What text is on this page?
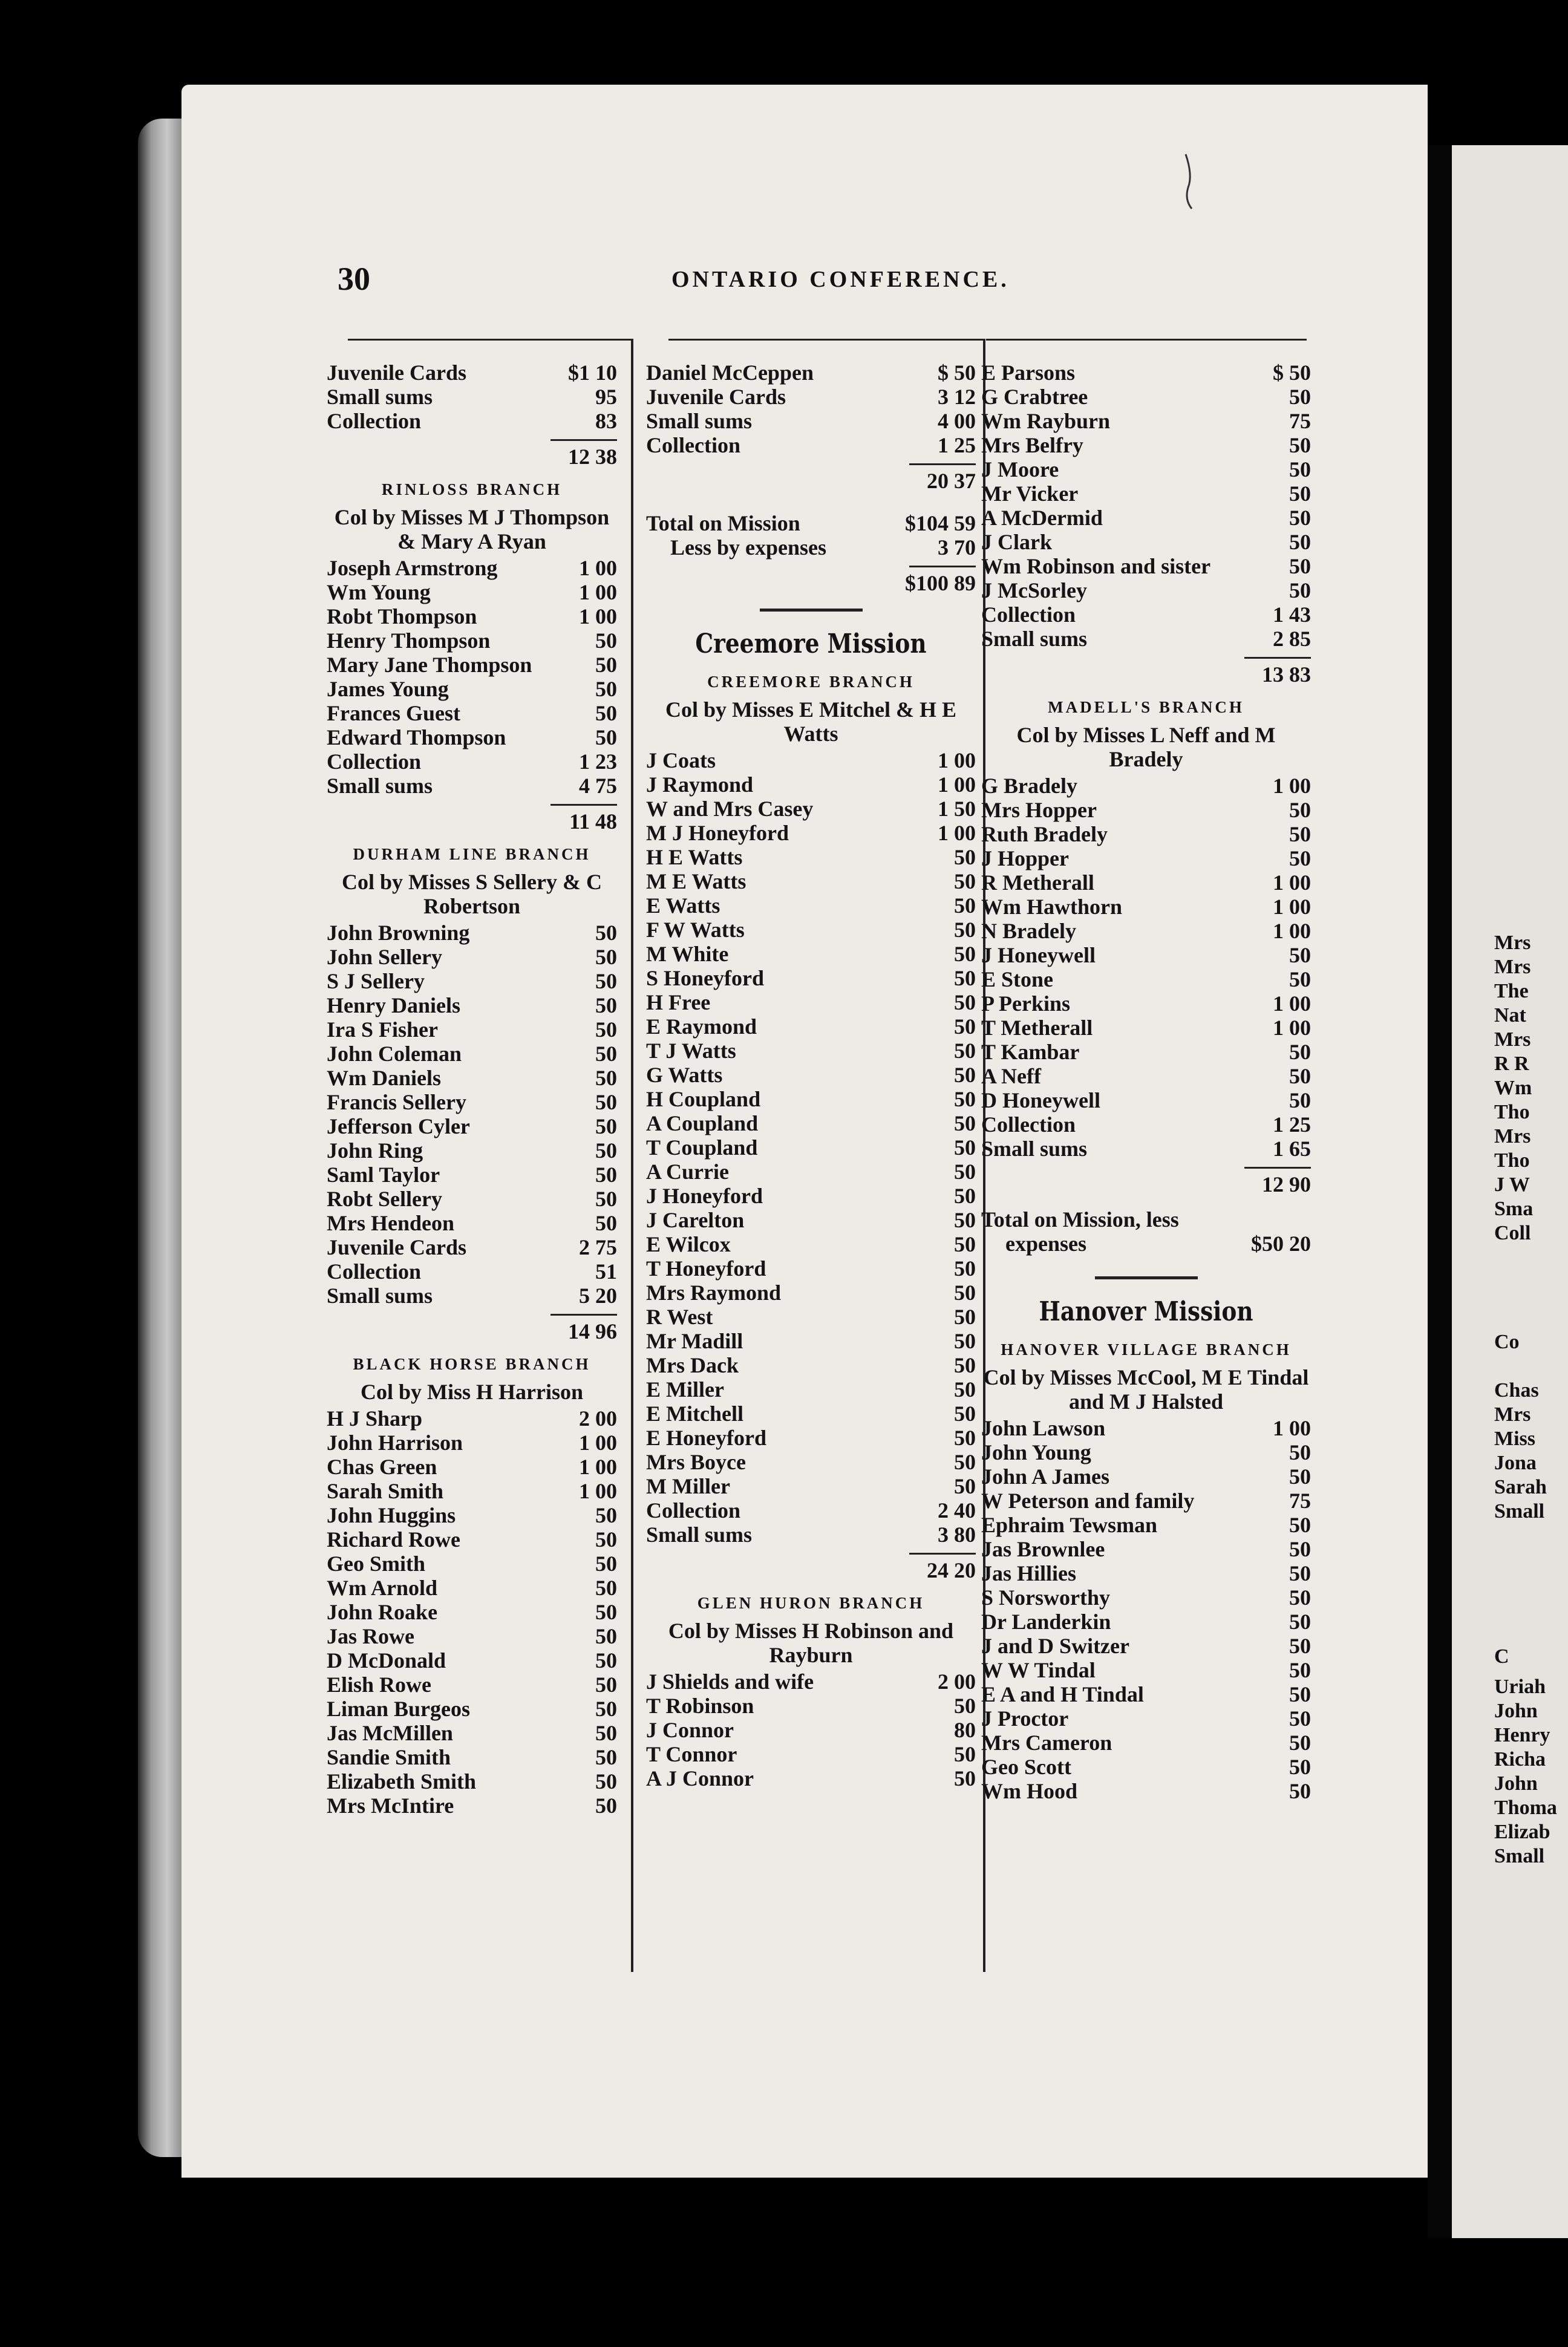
30	ONTARIO CONFERENCE.
Mrs
Mrs
The
Nat
Mrs
R R
Wm
Tho
Mrs
Tho
J W
Sma
Coll
Co
Chas
Mrs
Miss
Jona
Sarah
Small
C
Uriah
John
Henry
Richa
John
Thoma
Elizab
Small
Juvenile Cards	$1 10
Small sums	95
Collection	83
12 38
RINLOSS BRANCH
Col by Misses M J Thompson & Mary A Ryan
Joseph Armstrong	1 00
Wm Young	1 00
Robt Thompson	1 00
Henry Thompson	50
Mary Jane Thompson	50
James Young	50
Frances Guest	50
Edward Thompson	50
Collection	1 23
Small sums	4 75
11 48
DURHAM LINE BRANCH
Col by Misses S Sellery & C Robertson
John Browning	50
John Sellery	50
S J Sellery	50
Henry Daniels	50
Ira S Fisher	50
John Coleman	50
Wm Daniels	50
Francis Sellery	50
Jefferson Cyler	50
John Ring	50
Saml Taylor	50
Robt Sellery	50
Mrs Hendeon	50
Juvenile Cards	2 75
Collection	51
Small sums	5 20
14 96
BLACK HORSE BRANCH
Col by Miss H Harrison
H J Sharp	2 00
John Harrison	1 00
Chas Green	1 00
Sarah Smith	1 00
John Huggins	50
Richard Rowe	50
Geo Smith	50
Wm Arnold	50
John Roake	50
Jas Rowe	50
D McDonald	50
Elish Rowe	50
Liman Burgeos	50
Jas McMillen	50
Sandie Smith	50
Elizabeth Smith	50
Mrs McIntire	50
Daniel McCeppen	$ 50
Juvenile Cards	3 12
Small sums	4 00
Collection	1 25
20 37
Total on Mission	$104 59
Less by expenses	3 70
$100 89
Creemore Mission
CREEMORE BRANCH
Col by Misses E Mitchel & H E Watts
J Coats	1 00
J Raymond	1 00
W and Mrs Casey	1 50
M J Honeyford	1 00
H E Watts	50
M E Watts	50
E Watts	50
F W Watts	50
M White	50
S Honeyford	50
H Free	50
E Raymond	50
T J Watts	50
G Watts	50
H Coupland	50
A Coupland	50
T Coupland	50
A Currie	50
J Honeyford	50
J Carelton	50
E Wilcox	50
T Honeyford	50
Mrs Raymond	50
R West	50
Mr Madill	50
Mrs Dack	50
E Miller	50
E Mitchell	50
E Honeyford	50
Mrs Boyce	50
M Miller	50
Collection	2 40
Small sums	3 80
24 20
GLEN HURON BRANCH
Col by Misses H Robinson and Rayburn
J Shields and wife	2 00
T Robinson	50
J Connor	80
T Connor	50
A J Connor	50
E Parsons	$ 50
G Crabtree	50
Wm Rayburn	75
Mrs Belfry	50
J Moore	50
Mr Vicker	50
A McDermid	50
J Clark	50
Wm Robinson and sister	50
J McSorley	50
Collection	1 43
Small sums	2 85
13 83
MADELL'S BRANCH
Col by Misses L Neff and M Bradely
G Bradely	1 00
Mrs Hopper	50
Ruth Bradely	50
J Hopper	50
R Metherall	1 00
Wm Hawthorn	1 00
N Bradely	1 00
J Honeywell	50
E Stone	50
P Perkins	1 00
T Metherall	1 00
T Kambar	50
A Neff	50
D Honeywell	50
Collection	1 25
Small sums	1 65
12 90
Total on Mission, less
expenses	$50 20
Hanover Mission
HANOVER VILLAGE BRANCH
Col by Misses McCool, M E Tindal and M J Halsted
John Lawson	1 00
John Young	50
John A James	50
W Peterson and family	75
Ephraim Tewsman	50
Jas Brownlee	50
Jas Hillies	50
S Norsworthy	50
Dr Landerkin	50
J and D Switzer	50
W W Tindal	50
E A and H Tindal	50
J Proctor	50
Mrs Cameron	50
Geo Scott	50
Wm Hood	50
